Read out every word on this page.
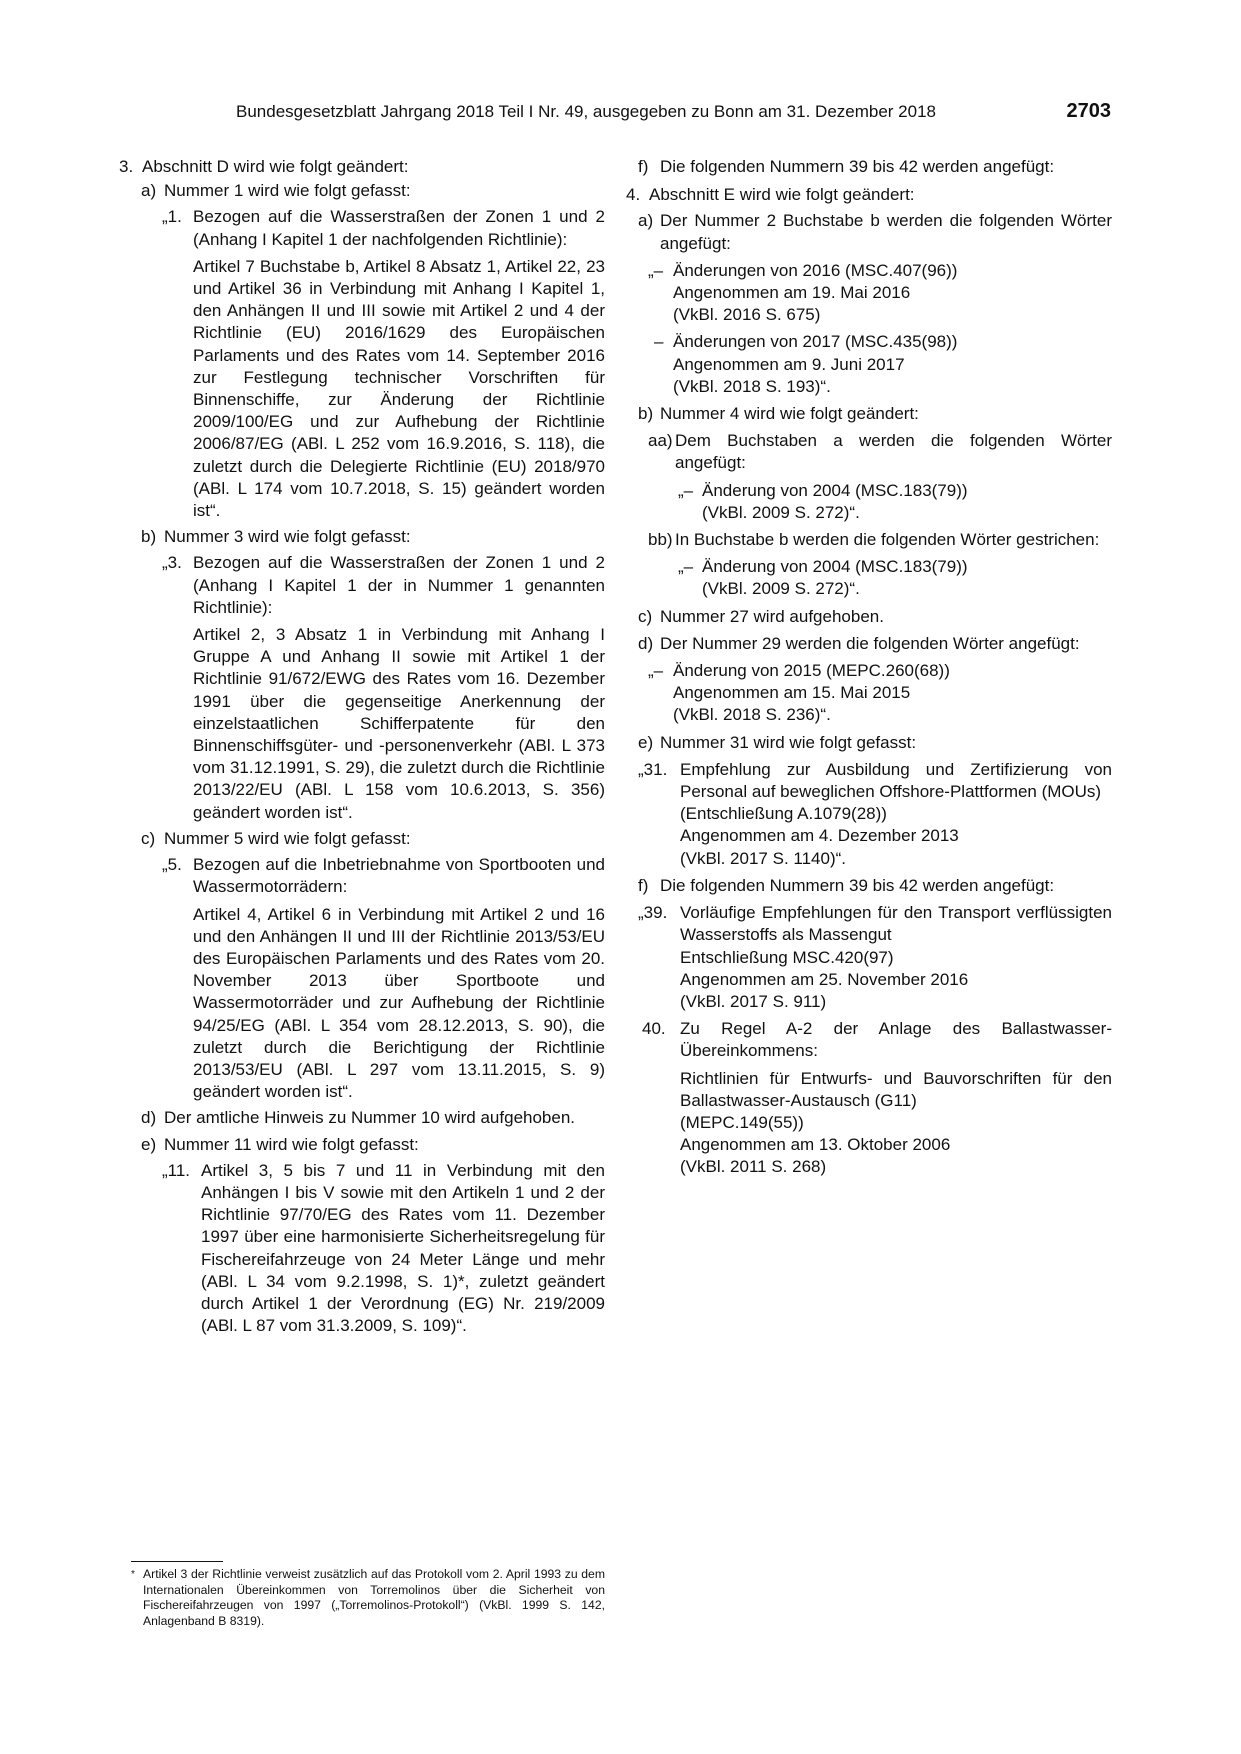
Bundesgesetzblatt Jahrgang 2018 Teil I Nr. 49, ausgegeben zu Bonn am 31. Dezember 2018	2703
3. Abschnitt D wird wie folgt geändert:

a) Nummer 1 wird wie folgt gefasst:

„1. Bezogen auf die Wasserstraßen der Zonen 1 und 2 (Anhang I Kapitel 1 der nachfolgenden Richtlinie):

Artikel 7 Buchstabe b, Artikel 8 Absatz 1, Artikel 22, 23 und Artikel 36 in Verbindung mit Anhang I Kapitel 1, den Anhängen II und III sowie mit Artikel 2 und 4 der Richtlinie (EU) 2016/1629 des Europäischen Parlaments und des Rates vom 14. September 2016 zur Festlegung technischer Vorschriften für Binnenschiffe, zur Änderung der Richtlinie 2009/100/EG und zur Aufhebung der Richtlinie 2006/87/EG (ABl. L 252 vom 16.9.2016, S. 118), die zuletzt durch die Delegierte Richtlinie (EU) 2018/970 (ABl. L 174 vom 10.7.2018, S. 15) geändert worden ist“.

b) Nummer 3 wird wie folgt gefasst:

„3. Bezogen auf die Wasserstraßen der Zonen 1 und 2 (Anhang I Kapitel 1 der in Nummer 1 genannten Richtlinie):

Artikel 2, 3 Absatz 1 in Verbindung mit Anhang I Gruppe A und Anhang II sowie mit Artikel 1 der Richtlinie 91/672/EWG des Rates vom 16. Dezember 1991 über die gegenseitige Anerkennung der einzelstaatlichen Schifferpatente für den Binnenschiffsgüter- und -personenverkehr (ABl. L 373 vom 31.12.1991, S. 29), die zuletzt durch die Richtlinie 2013/22/EU (ABl. L 158 vom 10.6.2013, S. 356) geändert worden ist“.

c) Nummer 5 wird wie folgt gefasst:

„5. Bezogen auf die Inbetriebnahme von Sportbooten und Wassermotorrädern:

Artikel 4, Artikel 6 in Verbindung mit Artikel 2 und 16 und den Anhängen II und III der Richtlinie 2013/53/EU des Europäischen Parlaments und des Rates vom 20. November 2013 über Sportboote und Wassermotorräder und zur Aufhebung der Richtlinie 94/25/EG (ABl. L 354 vom 28.12.2013, S. 90), die zuletzt durch die Berichtigung der Richtlinie 2013/53/EU (ABl. L 297 vom 13.11.2015, S. 9) geändert worden ist“.

d) Der amtliche Hinweis zu Nummer 10 wird aufgehoben.

e) Nummer 11 wird wie folgt gefasst:

„11. Artikel 3, 5 bis 7 und 11 in Verbindung mit den Anhängen I bis V sowie mit den Artikeln 1 und 2 der Richtlinie 97/70/EG des Rates vom 11. Dezember 1997 über eine harmonisierte Sicherheitsregelung für Fischereifahrzeuge von 24 Meter Länge und mehr (ABl. L 34 vom 9.2.1998, S. 1)*, zuletzt geändert durch Artikel 1 der Verordnung (EG) Nr. 219/2009 (ABl. L 87 vom 31.3.2009, S. 109)“.

* Artikel 3 der Richtlinie verweist zusätzlich auf das Protokoll vom 2. April 1993 zu dem Internationalen Übereinkommen von Torremolinos über die Sicherheit von Fischereifahrzeugen von 1997 („Torremolinos-Protokoll“) (VkBl. 1999 S. 142, Anlagenband B 8319).

f) Die folgenden Nummern 39 bis 42 werden angefügt:

4. Abschnitt E wird wie folgt geändert:

a) Der Nummer 2 Buchstabe b werden die folgenden Wörter angefügt:

„– Änderungen von 2016 (MSC.407(96))
Angenommen am 19. Mai 2016
(VkBl. 2016 S. 675)
– Änderungen von 2017 (MSC.435(98))
Angenommen am 9. Juni 2017
(VkBl. 2018 S. 193)“.
b) Nummer 4 wird wie folgt geändert:

aa) Dem Buchstaben a werden die folgenden Wörter angefügt:

„– Änderung von 2004 (MSC.183(79))
(VkBl. 2009 S. 272)“.
bb) In Buchstabe b werden die folgenden Wörter gestrichen:

„– Änderung von 2004 (MSC.183(79))
(VkBl. 2009 S. 272)“.
c) Nummer 27 wird aufgehoben.

d) Der Nummer 29 werden die folgenden Wörter angefügt:

„– Änderung von 2015 (MEPC.260(68))
Angenommen am 15. Mai 2015
(VkBl. 2018 S. 236)“.
e) Nummer 31 wird wie folgt gefasst:

„31. Empfehlung zur Ausbildung und Zertifizierung von Personal auf beweglichen Offshore-Plattformen (MOUs)

(Entschließung A.1079(28))
Angenommen am 4. Dezember 2013
(VkBl. 2017 S. 1140)“.
f) Die folgenden Nummern 39 bis 42 werden angefügt:

„39. Vorläufige Empfehlungen für den Transport verflüssigten Wasserstoffs als Massengut

Entschließung MSC.420(97)
Angenommen am 25. November 2016
(VkBl. 2017 S. 911)
40. Zu Regel A-2 der Anlage des Ballastwasser-Übereinkommens:

Richtlinien für Entwurfs- und Bauvorschriften für den Ballastwasser-Austausch (G11)

(MEPC.149(55))
Angenommen am 13. Oktober 2006
(VkBl. 2011 S. 268)
